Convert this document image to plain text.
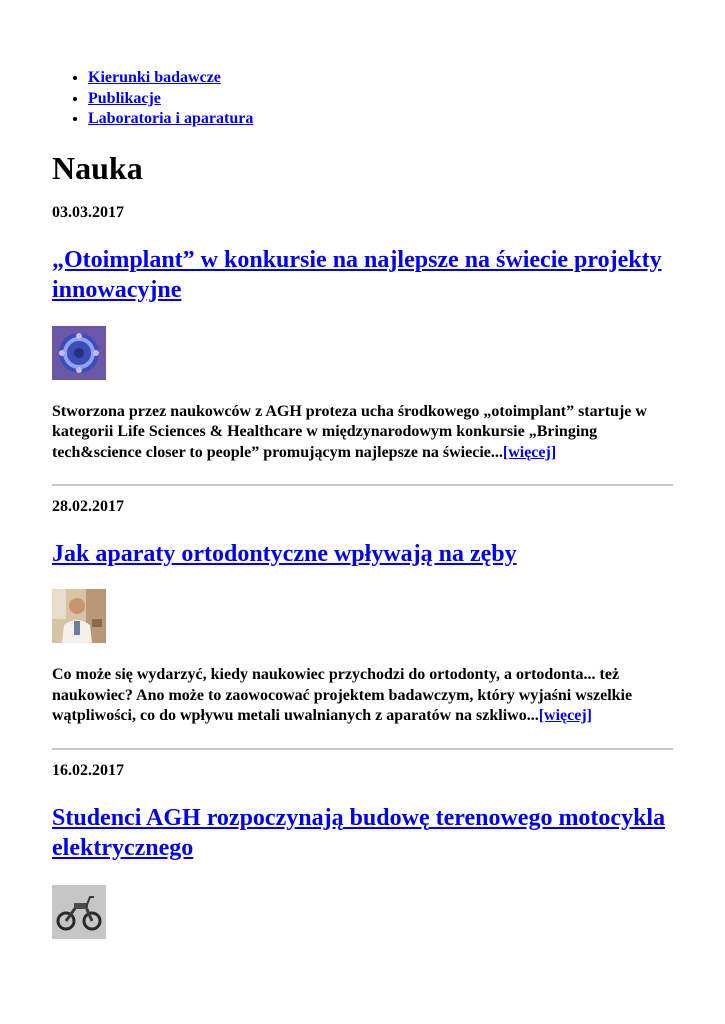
• Kierunki badawcze
• Publikacje
• Laboratoria i aparatura
Nauka
03.03.2017
„Otoimplant” w konkursie na najlepsze na świecie projekty innowacyjne

Stworzona przez naukowców z AGH proteza ucha środkowego „otoimplant” startuje w kategorii Life Sciences & Healthcare w międzynarodowym konkursie „Bringing tech&science closer to people” promującym najlepsze na świecie...[więcej]

28.02.2017
Jak aparaty ortodontyczne wpływają na zęby

Co może się wydarzyć, kiedy naukowiec przychodzi do ortodonty, a ortodonta... też naukowiec? Ano może to zaowocować projektem badawczym, który wyjaśni wszelkie wątpliwości, co do wpływu metali uwalnianych z aparatów na szkliwo...[więcej]

16.02.2017
Studenci AGH rozpoczynają budowę terenowego motocykla elektrycznego
